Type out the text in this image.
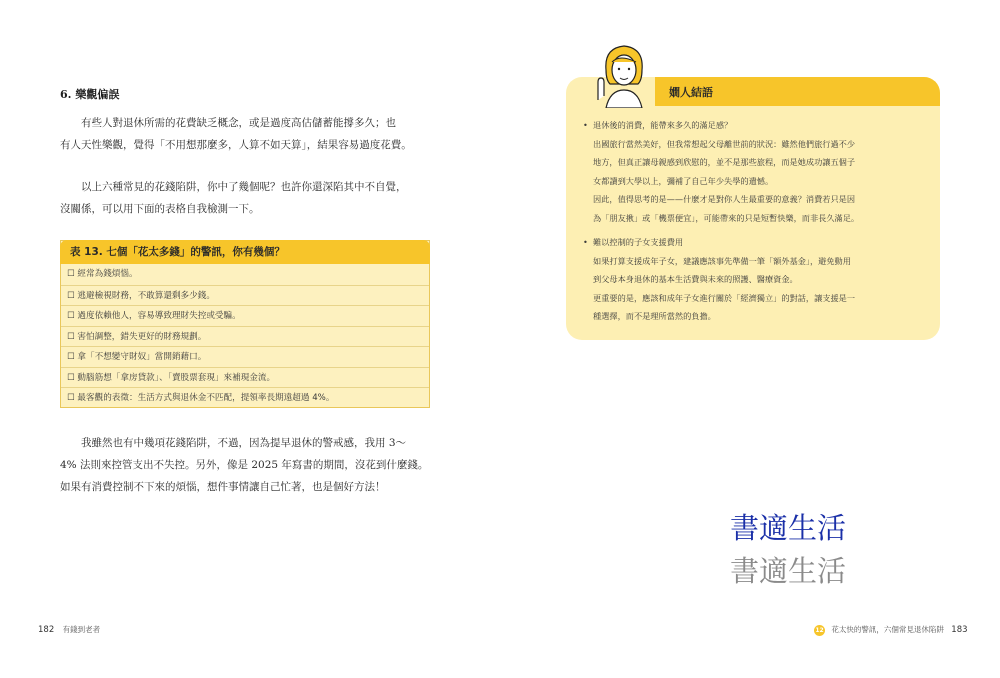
6. 樂觀偏誤

有些人對退休所需的花費缺乏概念，或是過度高估儲蓄能撐多久；也

有人天性樂觀，覺得「不用想那麼多，人算不如天算」，結果容易過度花費。

以上六種常見的花錢陷阱，你中了幾個呢？也許你還深陷其中不自覺，

沒關係，可以用下面的表格自我檢測一下。

表 13. 七個「花太多錢」的警訊，你有幾個？
☐ 經常為錢煩惱。
☐ 逃避檢視財務，不敢算還剩多少錢。
☐ 過度依賴他人，容易導致理財失控或受騙。
☐ 害怕調整，錯失更好的財務規劃。
☐ 拿「不想變守財奴」當開銷藉口。
☐ 動腦筋想「拿房貸款」、「賣股票套現」來補現金流。
☐ 最客觀的表徵：生活方式與退休金不匹配，提領率長期遠超過 4%。

我雖然也有中幾項花錢陷阱，不過，因為提早退休的警戒感，我用 3～

4% 法則來控管支出不失控。另外，像是 2025 年寫書的期間，沒花到什麼錢。

如果有消費控制不下來的煩惱，想件事情讓自己忙著，也是個好方法！

182 有錢到老者
嫺人結語

• 退休後的消費，能帶來多久的滿足感？

出國旅行當然美好，但我常想起父母離世前的狀況：雖然他們旅行過不少

地方，但真正讓母親感到欣慰的，並不是那些旅程，而是她成功讓五個子

女都讀到大學以上，彌補了自己年少失學的遺憾。

因此，值得思考的是——什麼才是對你人生最重要的意義？消費若只是因

為「朋友揪」或「機票便宜」，可能帶來的只是短暫快樂，而非長久滿足。

• 難以控制的子女支援費用

如果打算支援成年子女，建議應該事先準備一筆「額外基金」，避免動用

到父母本身退休的基本生活費與未來的照護、醫療資金。

更重要的是，應該和成年子女進行關於「經濟獨立」的對話，讓支援是一

種選擇，而不是理所當然的負擔。

書適生活
書適生活
12 花太快的警訊，六個常見退休陷阱 183
